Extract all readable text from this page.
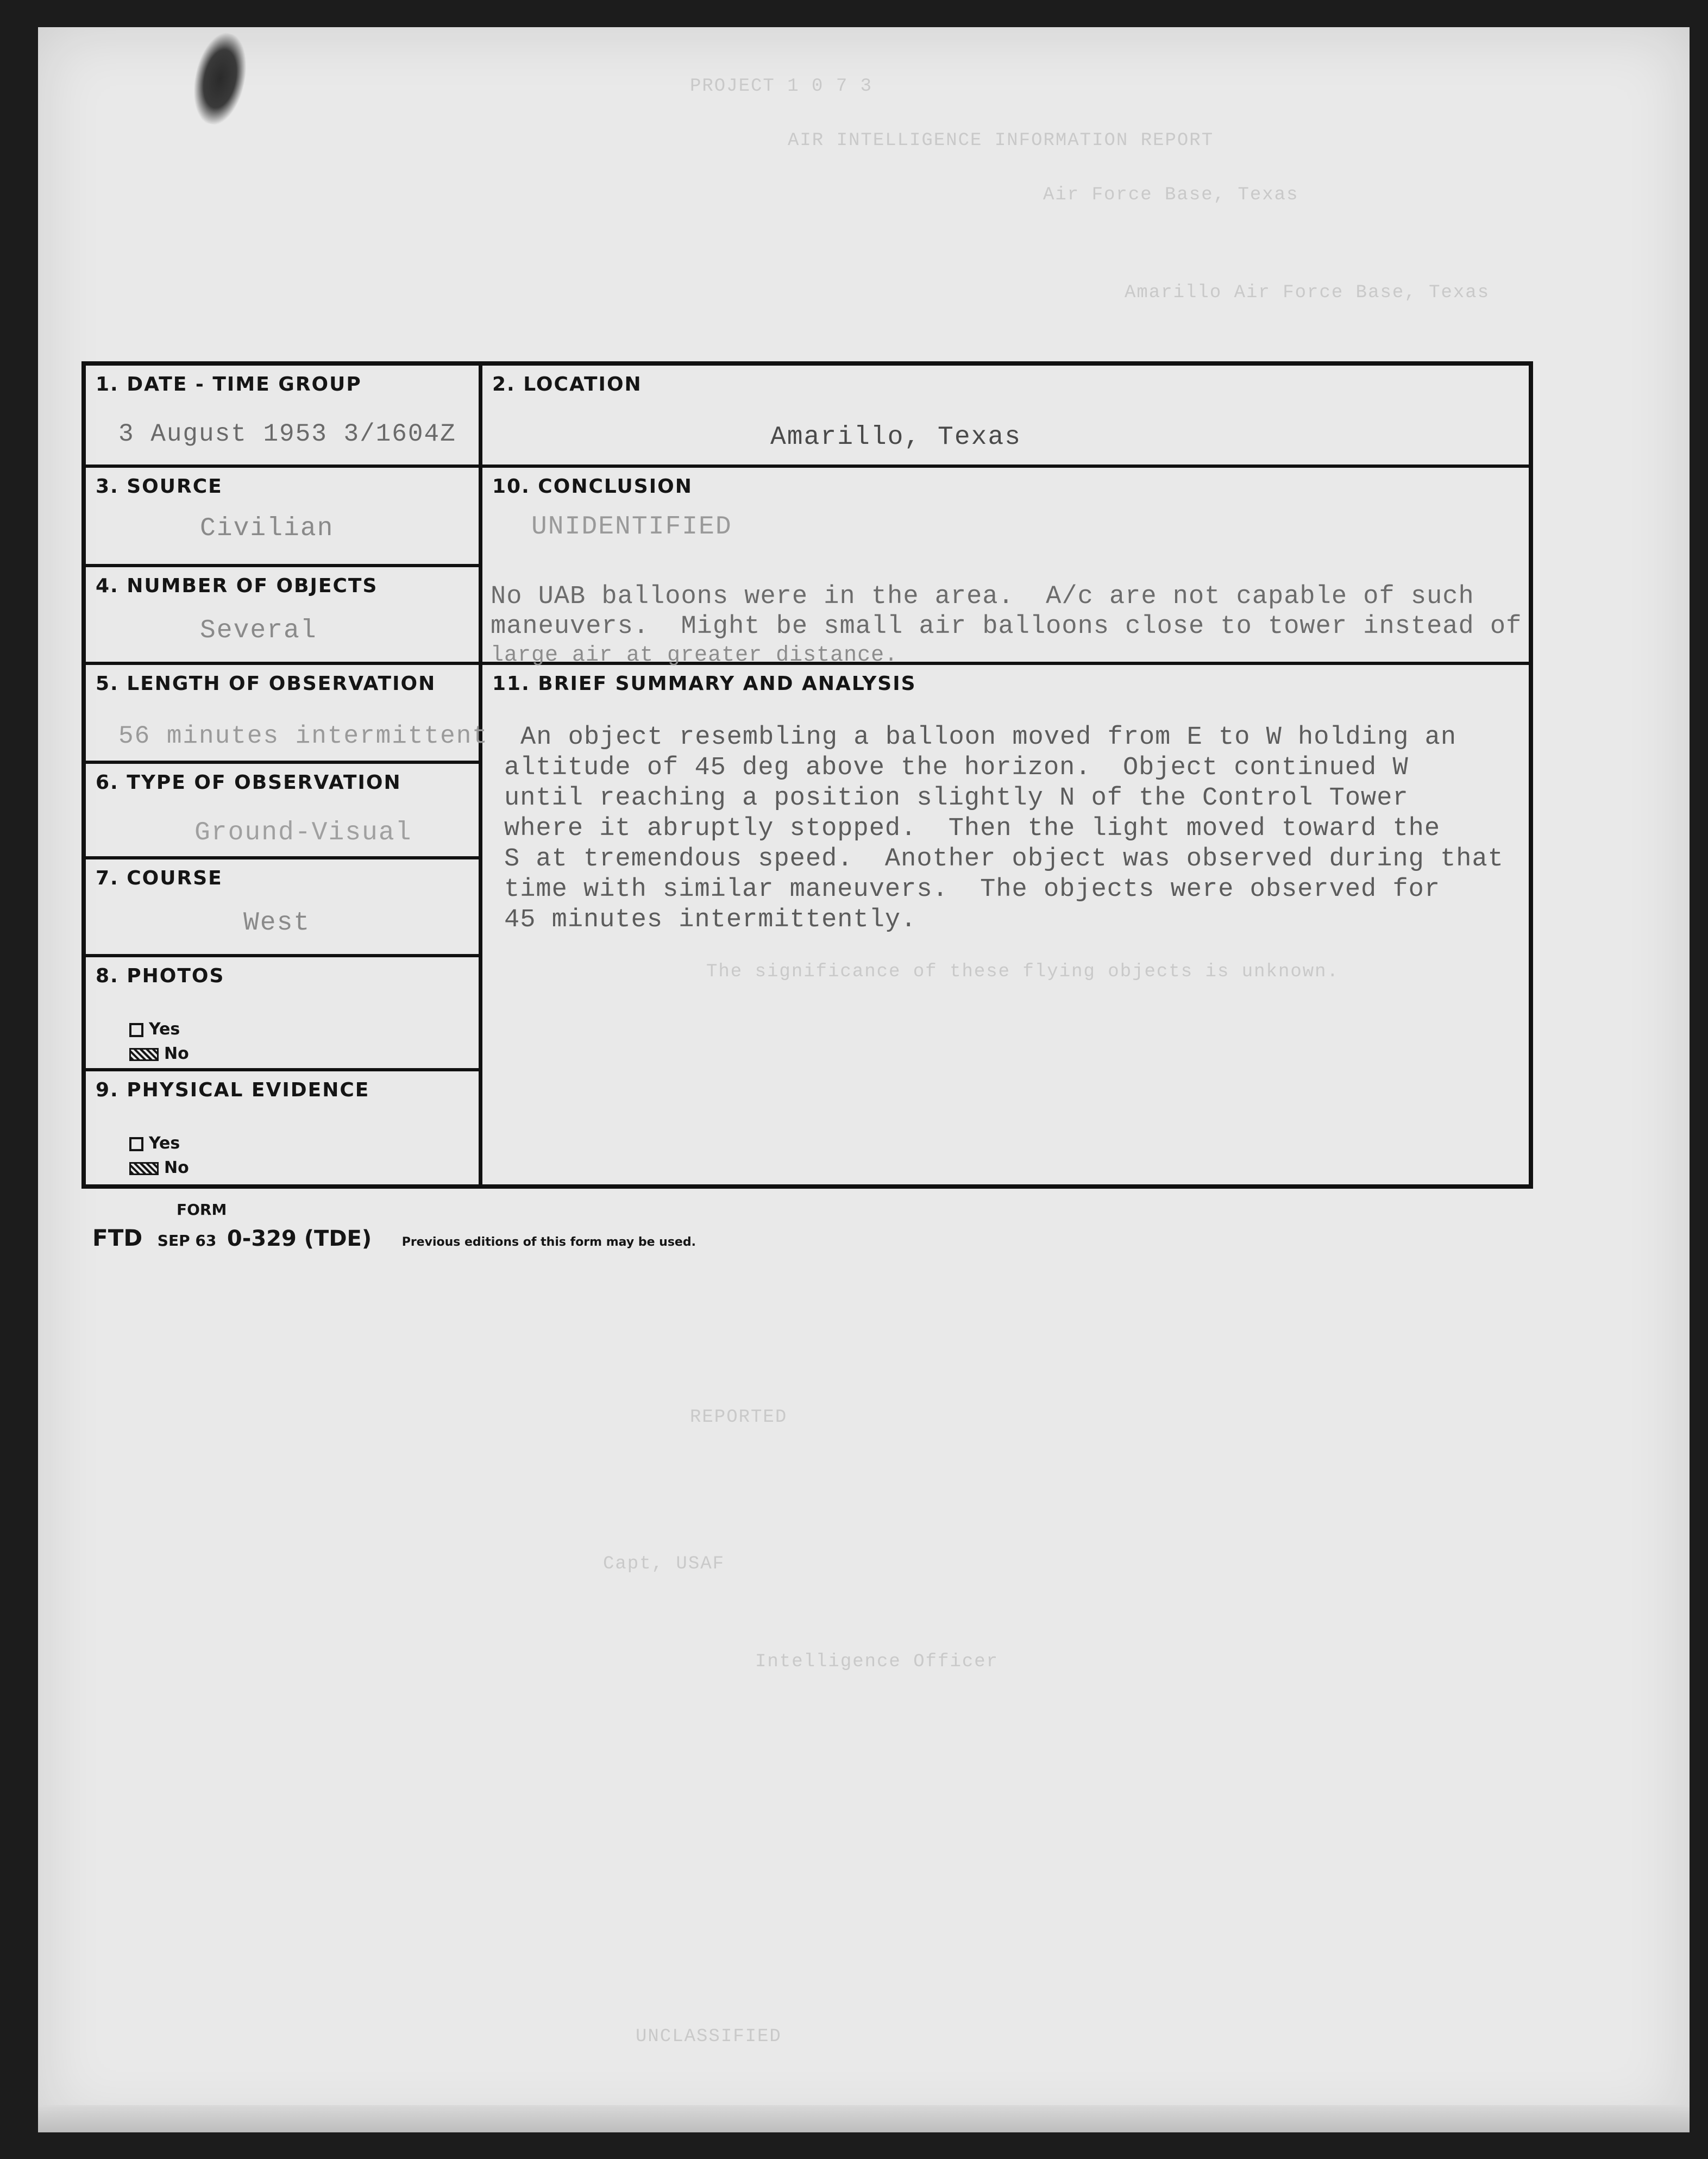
PROJECT 1 0 7 3
AIR INTELLIGENCE INFORMATION REPORT
Air Force Base, Texas
Amarillo Air Force Base, Texas
The significance of these flying objects is unknown.
REPORTED
Capt, USAF
Intelligence Officer
UNCLASSIFIED
1. DATE - TIME GROUP
3 August 1953 3/1604Z
2. LOCATION
Amarillo, Texas
3. SOURCE
Civilian
4. NUMBER OF OBJECTS
Several
5. LENGTH OF OBSERVATION
56 minutes intermittent
6. TYPE OF OBSERVATION
Ground-Visual
7. COURSE
West
8. PHOTOS
Yes
No
9. PHYSICAL EVIDENCE
Yes
No
10. CONCLUSION
UNIDENTIFIED
No UAB balloons were in the area.  A/c are not capable of such
maneuvers.  Might be small air balloons close to tower instead of
large air at greater distance.
11. BRIEF SUMMARY AND ANALYSIS
An object resembling a balloon moved from E to W holding an
altitude of 45 deg above the horizon.  Object continued W
until reaching a position slightly N of the Control Tower
where it abruptly stopped.  Then the light moved toward the
S at tremendous speed.  Another object was observed during that
time with similar maneuvers.  The objects were observed for
45 minutes intermittently.
FORM
FTD SEP 63 0-329 (TDE)	Previous editions of this form may be used.
